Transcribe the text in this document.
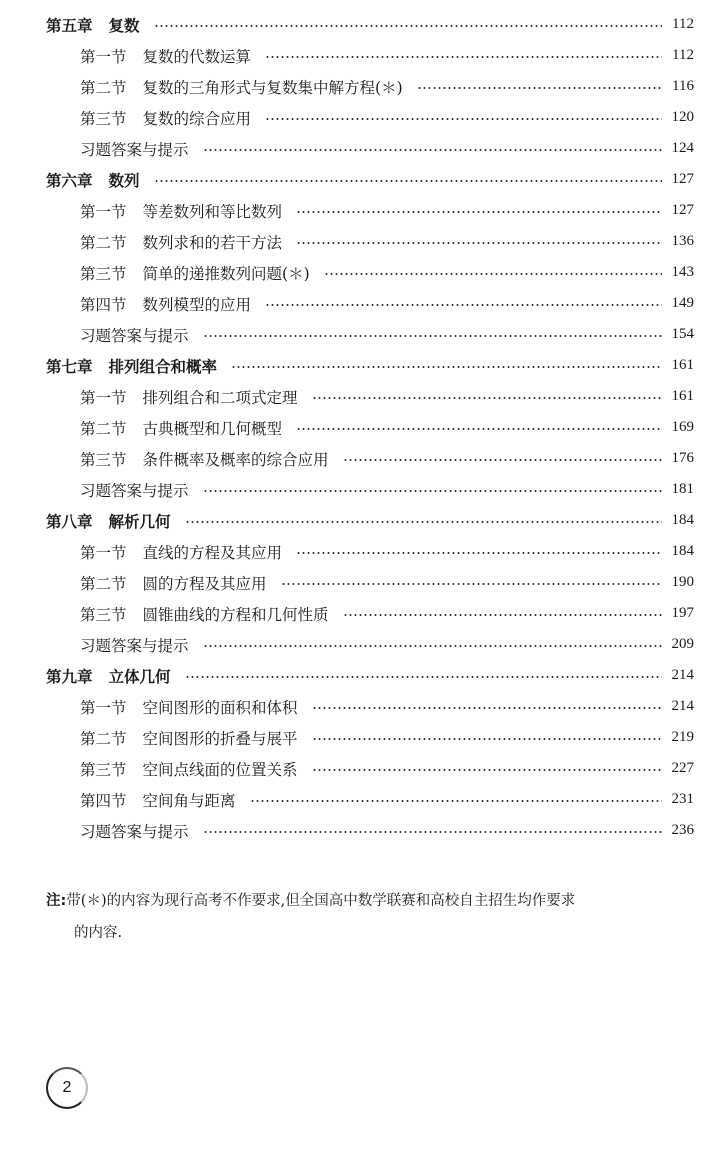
第五章 复数	112
第一节 复数的代数运算	112
第二节 复数的三角形式与复数集中解方程(＊)	116
第三节 复数的综合应用	120
习题答案与提示	124
第六章 数列	127
第一节 等差数列和等比数列	127
第二节 数列求和的若干方法	136
第三节 简单的递推数列问题(＊)	143
第四节 数列模型的应用	149
习题答案与提示	154
第七章 排列组合和概率	161
第一节 排列组合和二项式定理	161
第二节 古典概型和几何概型	169
第三节 条件概率及概率的综合应用	176
习题答案与提示	181
第八章 解析几何	184
第一节 直线的方程及其应用	184
第二节 圆的方程及其应用	190
第三节 圆锥曲线的方程和几何性质	197
习题答案与提示	209
第九章 立体几何	214
第一节 空间图形的面积和体积	214
第二节 空间图形的折叠与展平	219
第三节 空间点线面的位置关系	227
第四节 空间角与距离	231
习题答案与提示	236
注:带(＊)的内容为现行高考不作要求,但全国高中数学联赛和高校自主招生均作要求
的内容.
2
